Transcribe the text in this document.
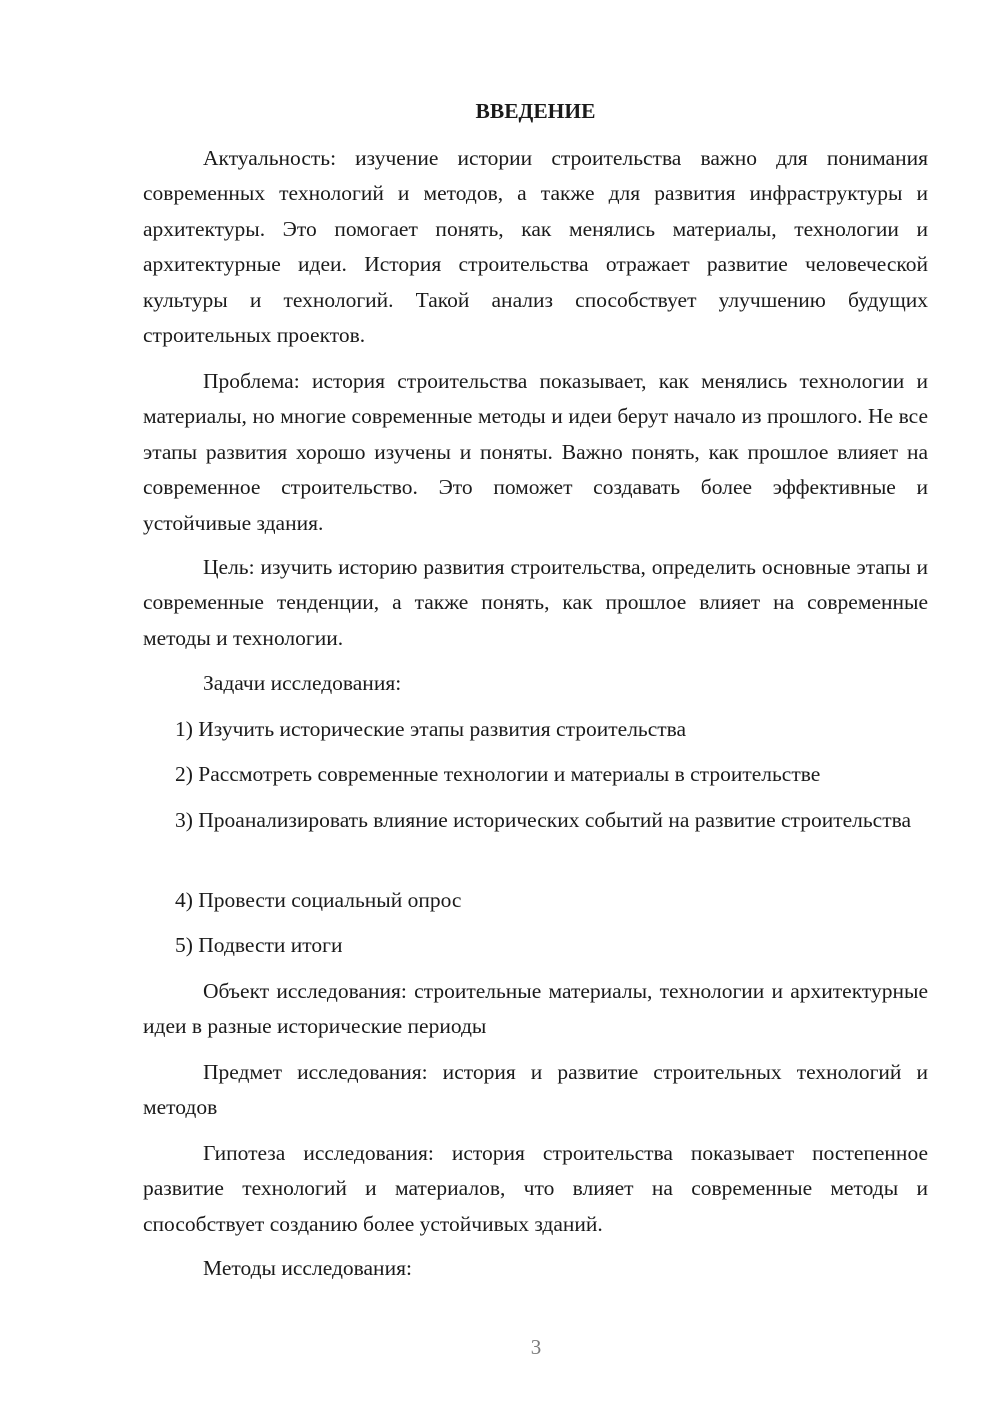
ВВЕДЕНИЕ

Актуальность: изучение истории строительства важно для понимания современных технологий и методов, а также для развития инфраструктуры и архитектуры. Это помогает понять, как менялись материалы, технологии и архитектурные идеи. История строительства отражает развитие человеческой культуры и технологий. Такой анализ способствует улучшению будущих строительных проектов.

Проблема: история строительства показывает, как менялись технологии и материалы, но многие современные методы и идеи берут начало из прошлого. Не все этапы развития хорошо изучены и поняты. Важно понять, как прошлое влияет на современное строительство. Это поможет создавать более эффективные и устойчивые здания.

Цель: изучить историю развития строительства, определить основные этапы и современные тенденции, а также понять, как прошлое влияет на современные методы и технологии.

Задачи исследования:

1) Изучить исторические этапы развития строительства

2) Рассмотреть современные технологии и материалы в строительстве

3) Проанализировать влияние исторических событий на развитие строительства

4) Провести социальный опрос

5) Подвести итоги

Объект исследования: строительные материалы, технологии и архитектурные идеи в разные исторические периоды

Предмет исследования: история и развитие строительных технологий и методов

Гипотеза исследования: история строительства показывает постепенное развитие технологий и материалов, что влияет на современные методы и способствует созданию более устойчивых зданий.

Методы исследования:

3
